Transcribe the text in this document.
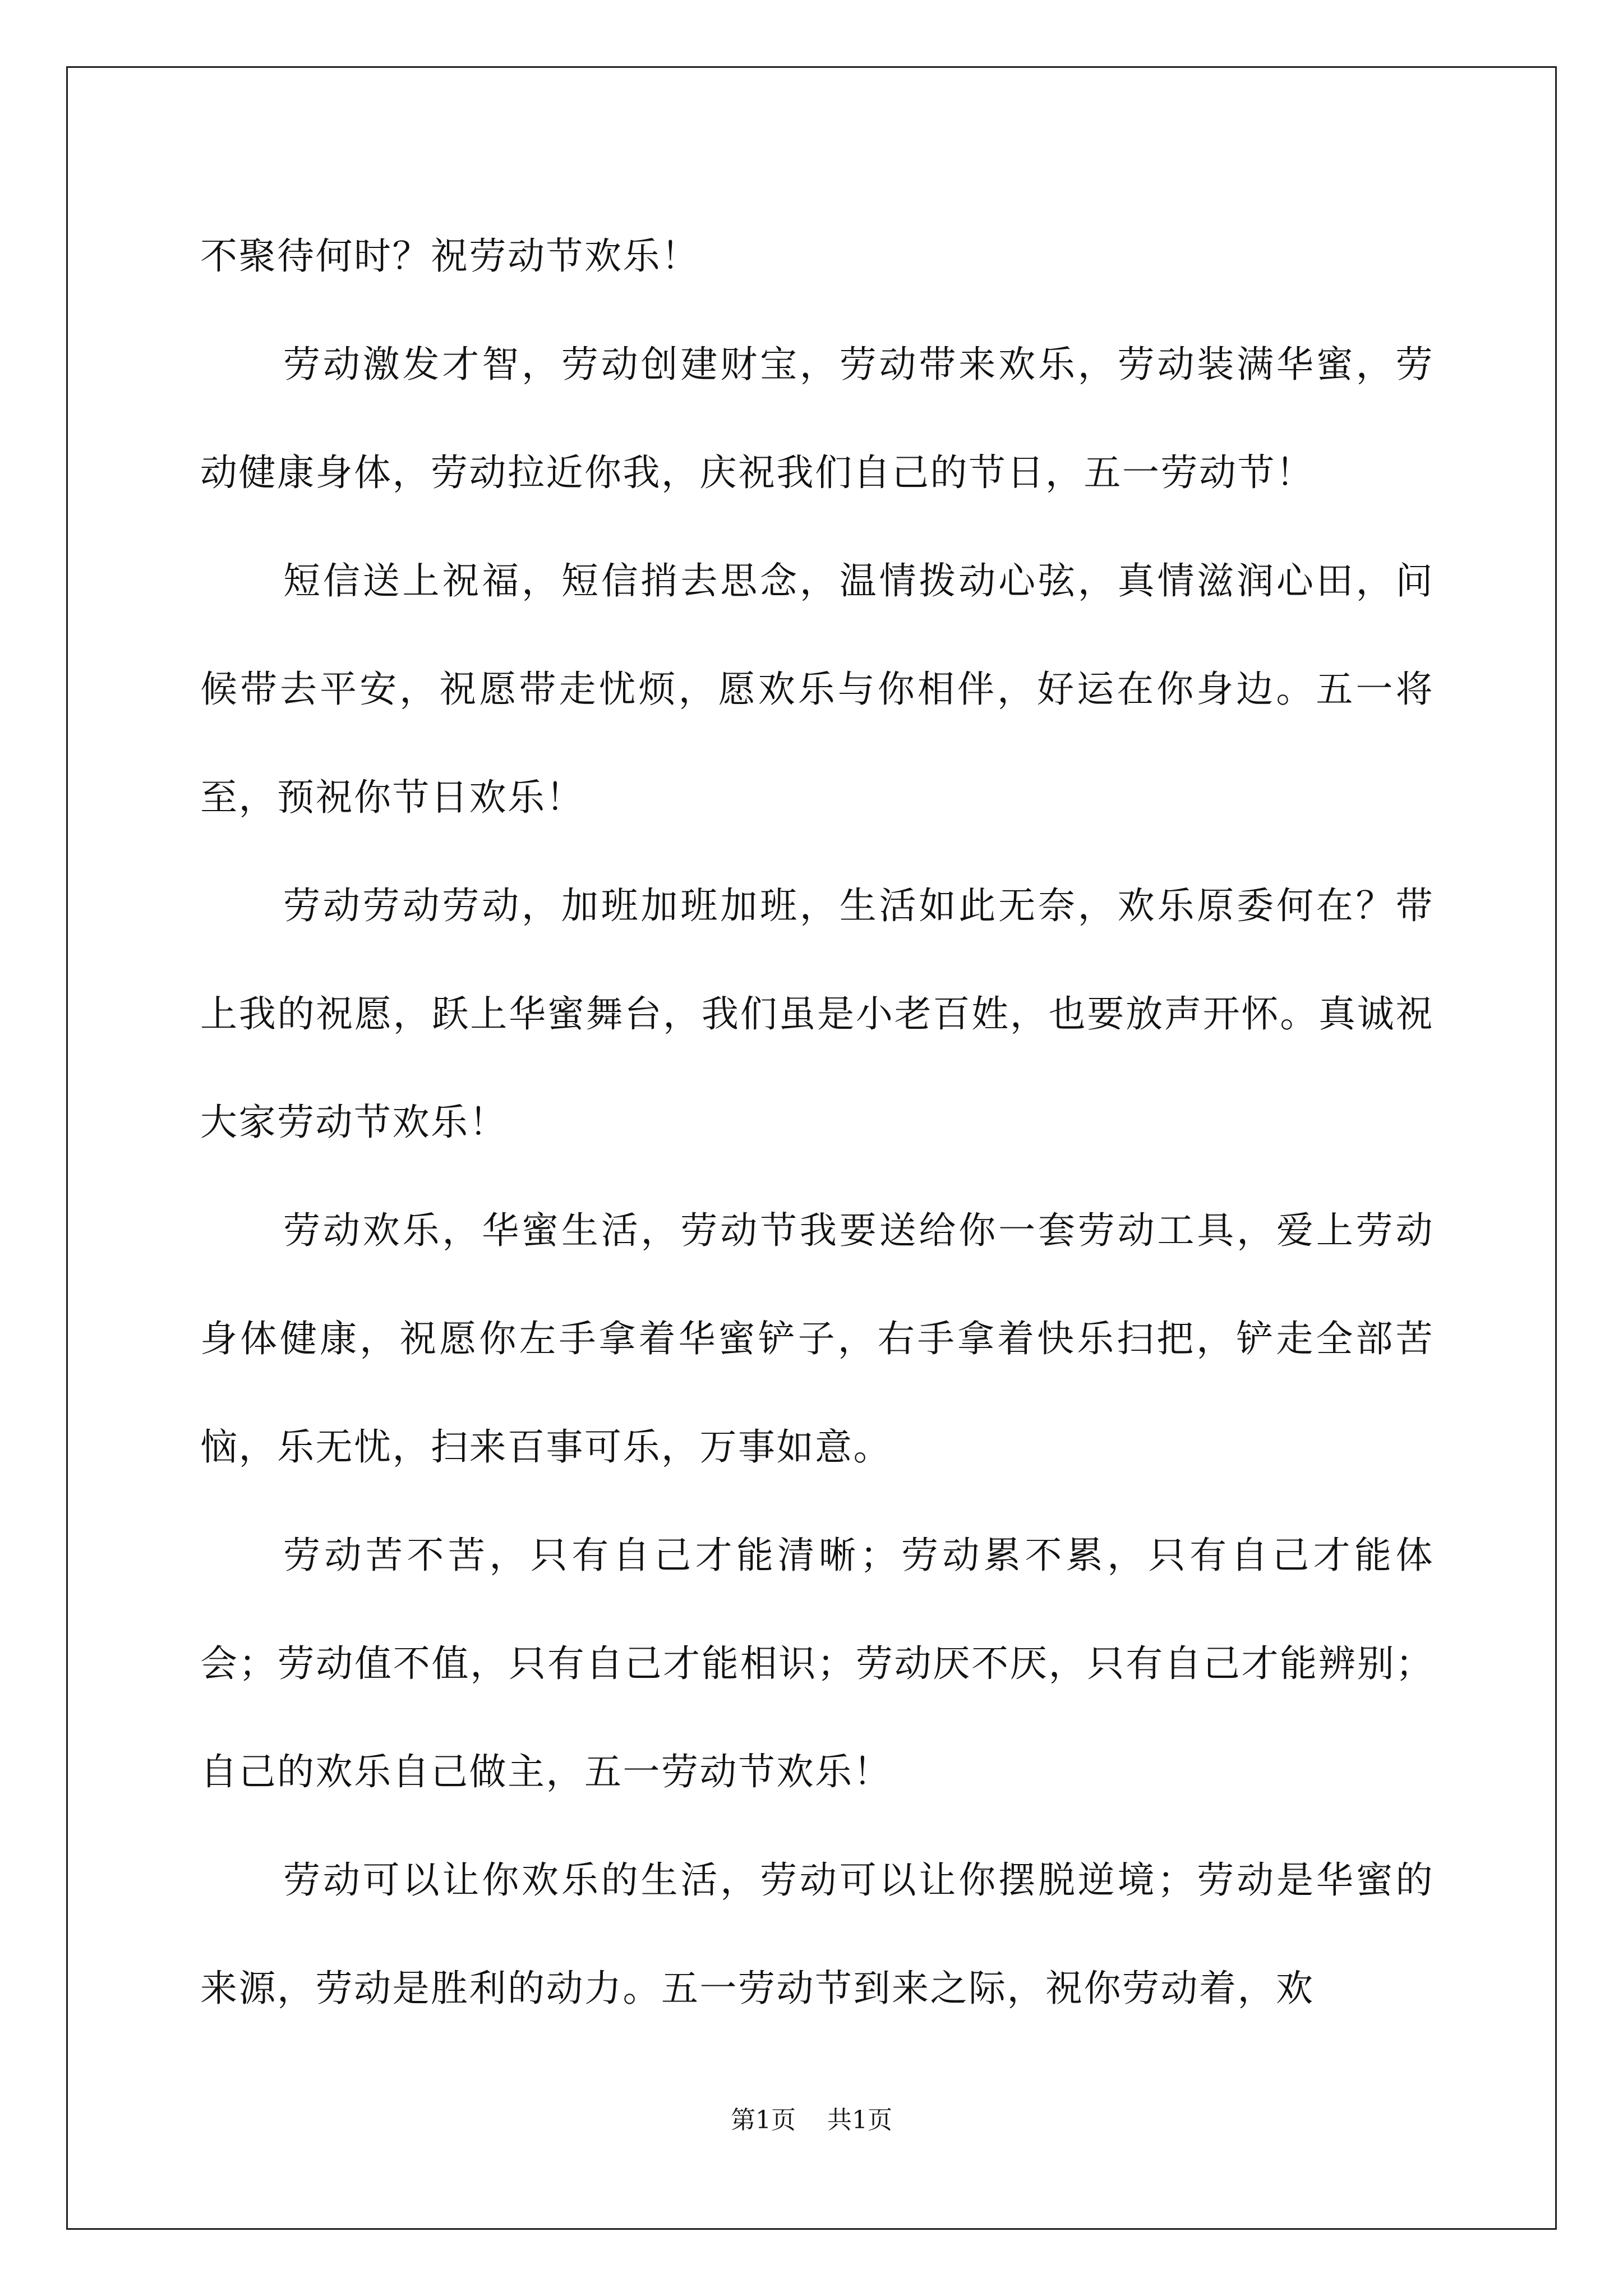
不聚待何时？祝劳动节欢乐！

劳动激发才智，劳动创建财宝，劳动带来欢乐，劳动装满华蜜，劳动健康身体，劳动拉近你我，庆祝我们自己的节日，五一劳动节！

短信送上祝福，短信捎去思念，温情拨动心弦，真情滋润心田，问候带去平安，祝愿带走忧烦，愿欢乐与你相伴，好运在你身边。五一将至，预祝你节日欢乐！

劳动劳动劳动，加班加班加班，生活如此无奈，欢乐原委何在？带上我的祝愿，跃上华蜜舞台，我们虽是小老百姓，也要放声开怀。真诚祝大家劳动节欢乐！

劳动欢乐，华蜜生活，劳动节我要送给你一套劳动工具，爱上劳动身体健康，祝愿你左手拿着华蜜铲子，右手拿着快乐扫把，铲走全部苦恼，乐无忧，扫来百事可乐，万事如意。

劳动苦不苦，只有自己才能清晰；劳动累不累，只有自己才能体会；劳动值不值，只有自己才能相识；劳动厌不厌，只有自己才能辨别；自己的欢乐自己做主，五一劳动节欢乐！

劳动可以让你欢乐的生活，劳动可以让你摆脱逆境；劳动是华蜜的来源，劳动是胜利的动力。五一劳动节到来之际，祝你劳动着，欢

第1页 共1页
